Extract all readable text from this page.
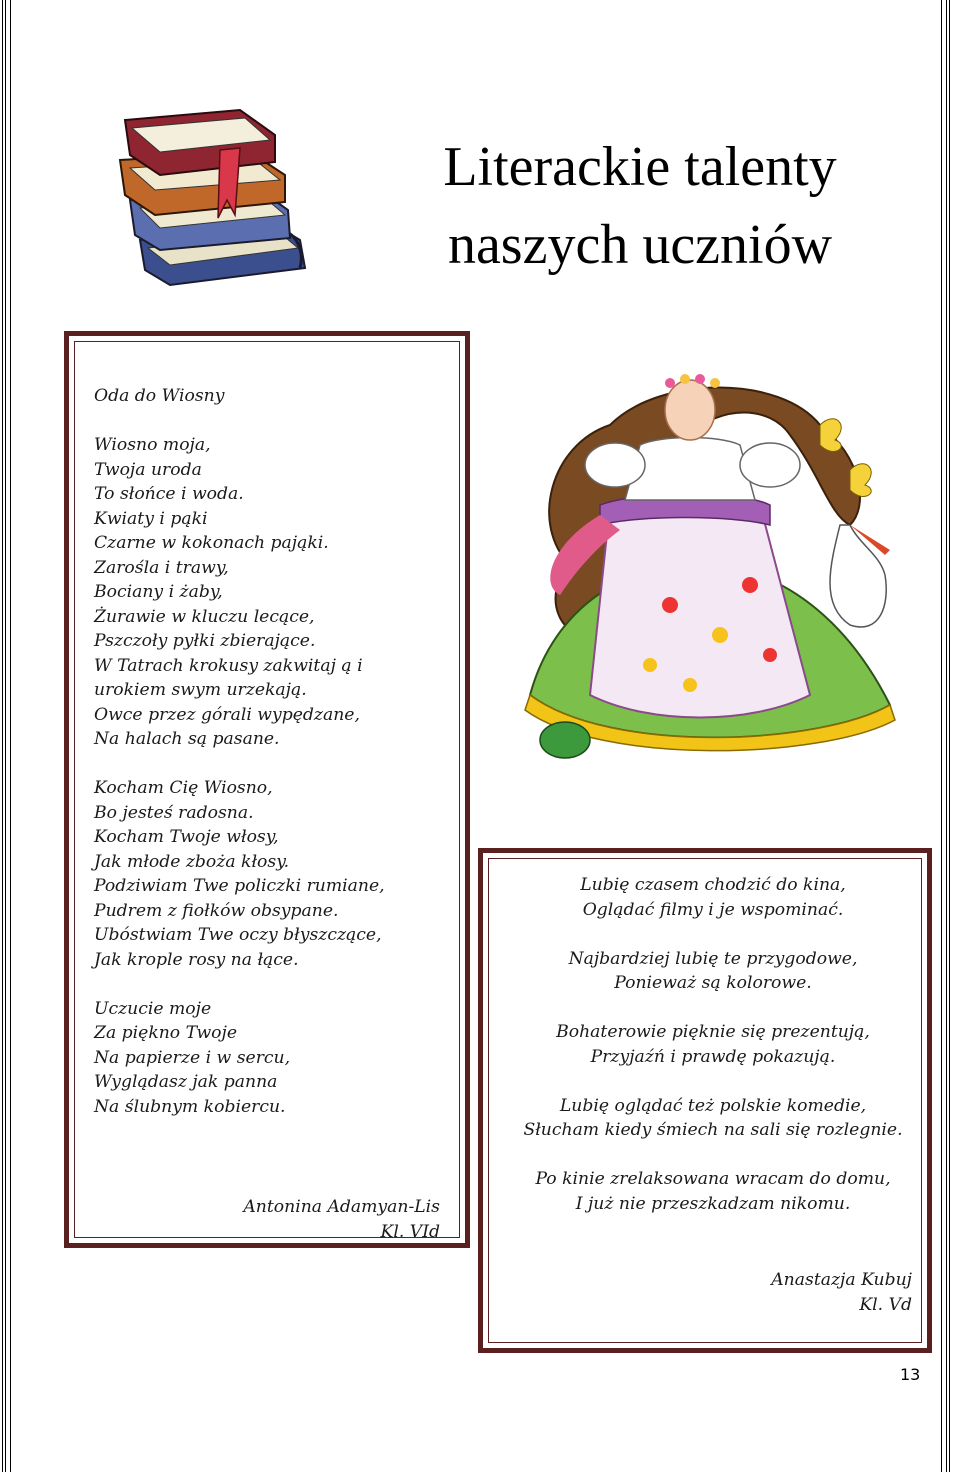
Literackie talenty
naszych uczniów
Oda do Wiosny
Wiosno moja,
Twoja uroda
To słońce i woda.
Kwiaty i pąki
Czarne w kokonach pająki.
Zarośla i trawy,
Bociany i żaby,
Żurawie w kluczu lecące,
Pszczoły pyłki zbierające.
W Tatrach krokusy zakwitaj ą i
urokiem swym urzekają.
Owce przez górali wypędzane,
Na halach są pasane.
Kocham Cię Wiosno,
Bo jesteś radosna.
Kocham Twoje włosy,
Jak młode zboża kłosy.
Podziwiam Twe policzki rumiane,
Pudrem z fiołków obsypane.
Ubóstwiam Twe oczy błyszczące,
Jak krople rosy na łące.
Uczucie moje
Za piękno Twoje
Na papierze i w sercu,
Wyglądasz jak panna
Na ślubnym kobiercu.
Antonina Adamyan-Lis
Kl. VId
Lubię czasem chodzić do kina,
Oglądać filmy i je wspominać.
Najbardziej lubię te przygodowe,
Ponieważ są kolorowe.
Bohaterowie pięknie się prezentują,
Przyjaźń i prawdę pokazują.
Lubię oglądać też polskie komedie,
Słucham kiedy śmiech na sali się rozlegnie.
Po kinie zrelaksowana wracam do domu,
I już nie przeszkadzam nikomu.
Anastazja Kubuj
Kl. Vd
13
